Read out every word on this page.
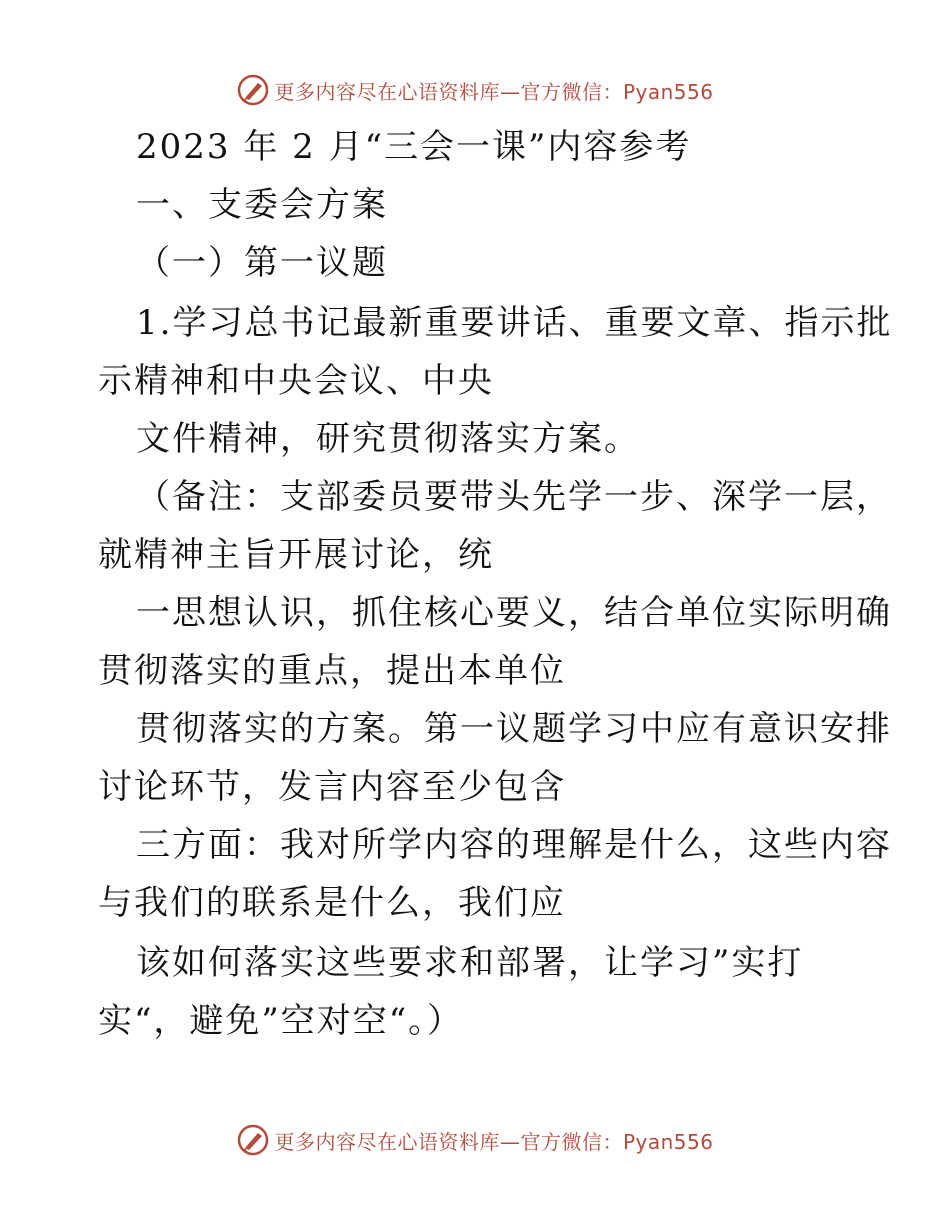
更多内容尽在心语资料库—官方微信：Pyan556
2023 年 2 月“三会一课”内容参考
一、支委会方案
（一）第一议题
1.学习总书记最新重要讲话、重要文章、指示批
示精神和中央会议、中央
文件精神，研究贯彻落实方案。
（备注：支部委员要带头先学一步、深学一层，
就精神主旨开展讨论，统
一思想认识，抓住核心要义，结合单位实际明确
贯彻落实的重点，提出本单位
贯彻落实的方案。第一议题学习中应有意识安排
讨论环节，发言内容至少包含
三方面：我对所学内容的理解是什么，这些内容
与我们的联系是什么，我们应
该如何落实这些要求和部署，让学习”实打
实“，避免”空对空“。）
更多内容尽在心语资料库—官方微信：Pyan556
